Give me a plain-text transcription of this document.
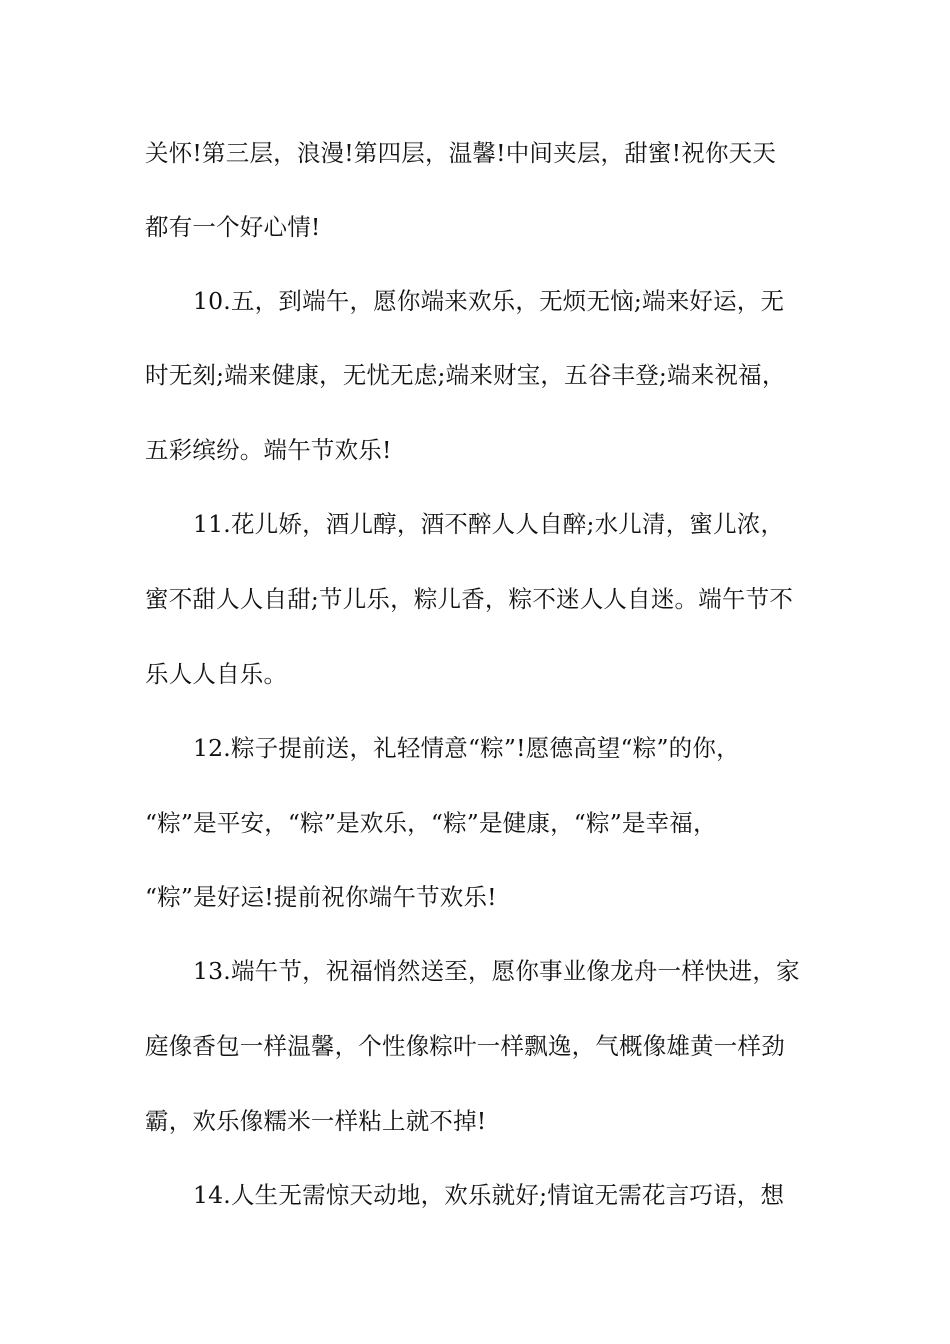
关怀!第三层，浪漫!第四层，温馨!中间夹层，甜蜜!祝你天天
都有一个好心情!
10.五，到端午，愿你端来欢乐，无烦无恼;端来好运，无
时无刻;端来健康，无忧无虑;端来财宝，五谷丰登;端来祝福，
五彩缤纷。端午节欢乐!
11.花儿娇，酒儿醇，酒不醉人人自醉;水儿清，蜜儿浓，
蜜不甜人人自甜;节儿乐，粽儿香，粽不迷人人自迷。端午节不
乐人人自乐。
12.粽子提前送，礼轻情意“粽”!愿德高望“粽”的你，
“粽”是平安，“粽”是欢乐，“粽”是健康，“粽”是幸福，
“粽”是好运!提前祝你端午节欢乐!
13.端午节，祝福悄然送至，愿你事业像龙舟一样快进，家
庭像香包一样温馨，个性像粽叶一样飘逸，气概像雄黄一样劲
霸，欢乐像糯米一样粘上就不掉!
14.人生无需惊天动地，欢乐就好;情谊无需花言巧语，想
